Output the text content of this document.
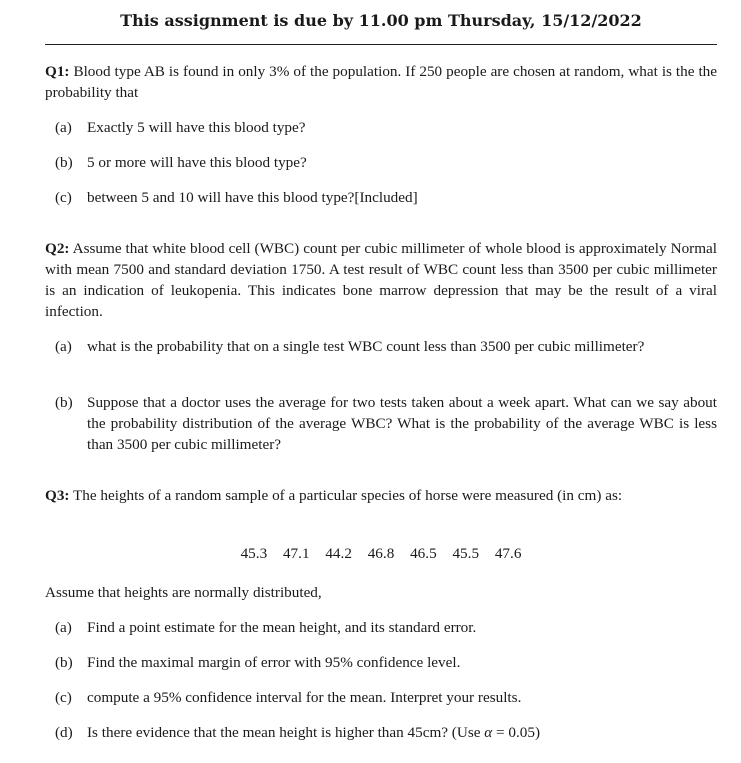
This assignment is due by 11.00 pm Thursday, 15/12/2022
Q1: Blood type AB is found in only 3% of the population. If 250 people are chosen at random, what is the the probability that
(a) Exactly 5 will have this blood type?
(b) 5 or more will have this blood type?
(c) between 5 and 10 will have this blood type?[Included]
Q2: Assume that white blood cell (WBC) count per cubic millimeter of whole blood is approximately Normal with mean 7500 and standard deviation 1750. A test result of WBC count less than 3500 per cubic millimeter is an indication of leukopenia. This indicates bone marrow depression that may be the result of a viral infection.
(a) what is the probability that on a single test WBC count less than 3500 per cubic millimeter?
(b) Suppose that a doctor uses the average for two tests taken about a week apart. What can we say about the probability distribution of the average WBC? What is the probability of the average WBC is less than 3500 per cubic millimeter?
Q3: The heights of a random sample of a particular species of horse were measured (in cm) as:
45.3 47.1 44.2 46.8 46.5 45.5 47.6
Assume that heights are normally distributed,
(a) Find a point estimate for the mean height, and its standard error.
(b) Find the maximal margin of error with 95% confidence level.
(c) compute a 95% confidence interval for the mean. Interpret your results.
(d) Is there evidence that the mean height is higher than 45cm? (Use α = 0.05)
